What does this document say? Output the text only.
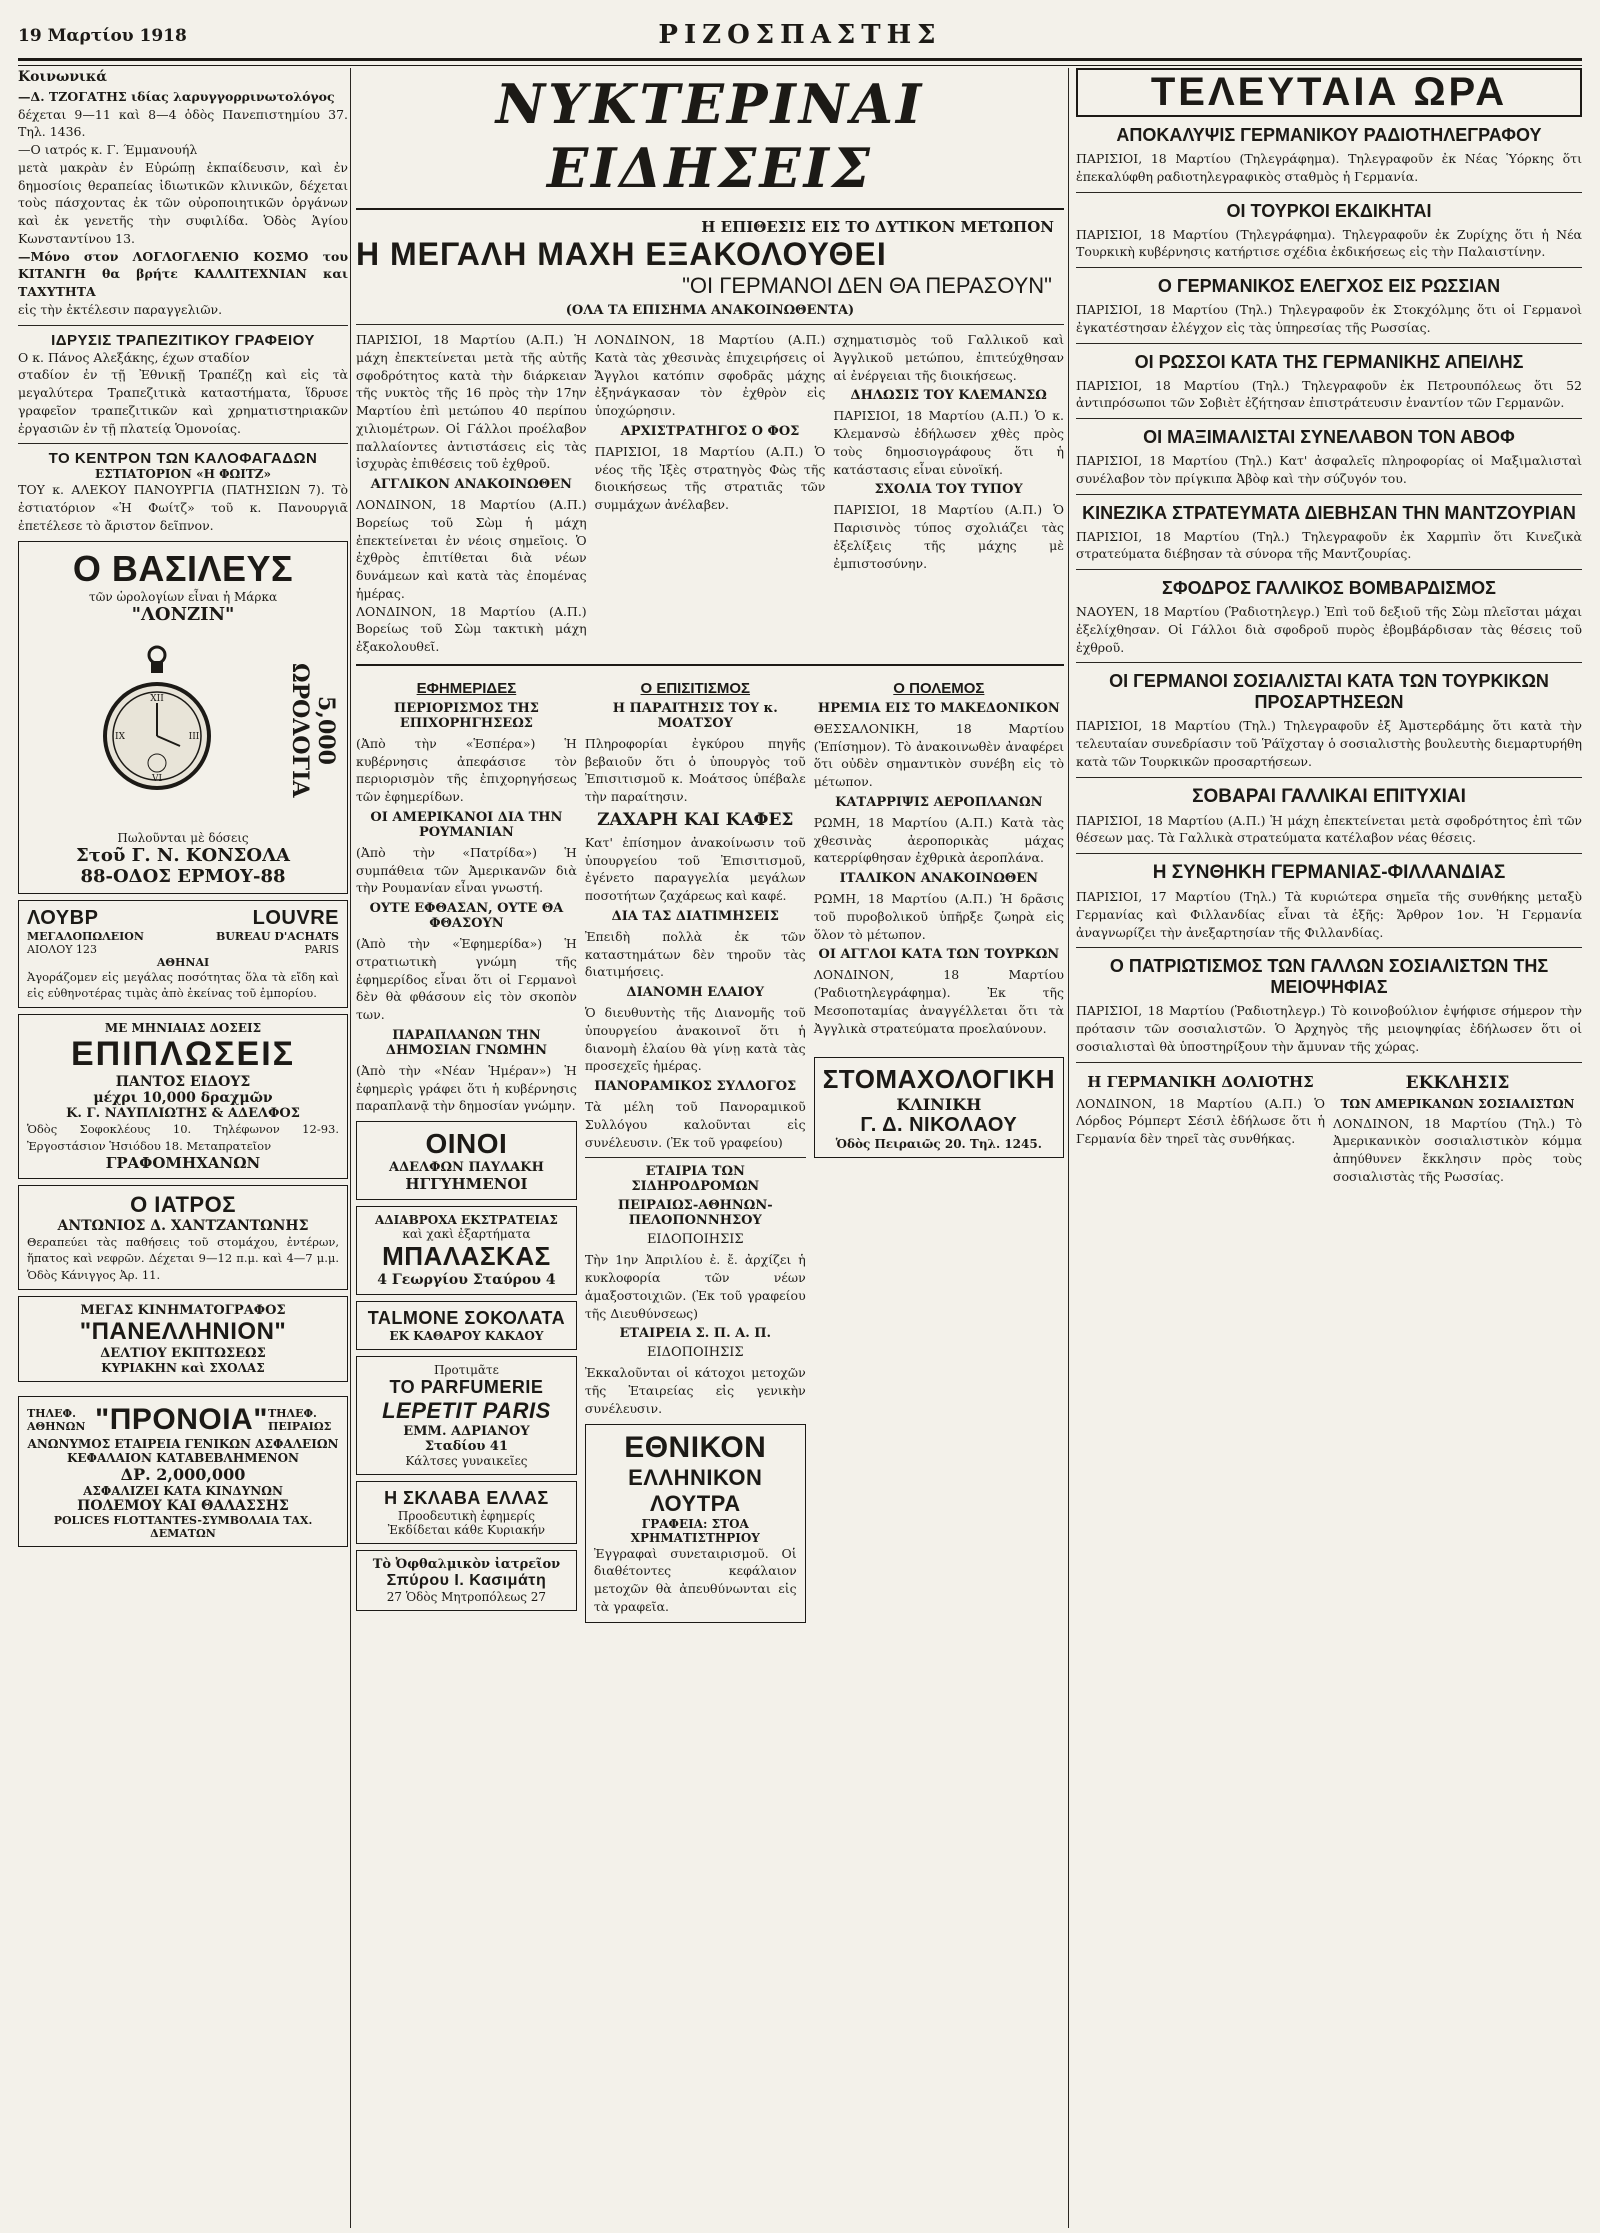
19 Μαρτίου 1918	ΡΙΖΟΣΠΑΣΤΗΣ

Κοινωνικά

—Δ. ΤΖΟΓΑΤΗΣ ιδίας λαρυγγορρινωτολόγος

δέχεται 9—11 καὶ 8—4 ὁδὸς Πανεπιστημίου 37. Τηλ. 1436.

—Ο ιατρός κ. Γ. Έμμανουήλ

μετὰ μακρὰν ἐν Εὐρώπῃ ἐκπαίδευσιν, καὶ ἐν δημοσίοις θεραπείας ἰδιωτικῶν κλινικῶν, δέχεται τοὺς πάσχοντας ἐκ τῶν οὐροποιητικῶν ὀργάνων καὶ ἐκ γενετῆς τὴν συφιλίδα. Ὁδὸς Ἁγίου Κωνσταντίνου 13.

—Μόνο στον ΛΟΓΛΟΓΛΕΝΙΟ ΚΟΣΜΟ του ΚΙΤΑΝΓΗ θα βρήτε ΚΑΛΛΙΤΕΧΝΙΑΝ και ΤΑΧΥΤΗΤΑ

εἰς τὴν ἐκτέλεσιν παραγγελιῶν.

ΙΔΡΥΣΙΣ ΤΡΑΠΕΖΙΤΙΚΟΥ ΓΡΑΦΕΙΟΥ

Ο κ. Πάνος Αλεξάκης, έχων σταδίον

σταδίον ἐν τῇ Ἐθνικῇ Τραπέζῃ καὶ εἰς τὰ μεγαλύτερα Τραπεζιτικὰ καταστήματα, ἵδρυσε γραφεῖον τραπεζιτικῶν καὶ χρηματιστηριακῶν ἐργασιῶν ἐν τῇ πλατείᾳ Ὁμονοίας.

ΤΟ ΚΕΝΤΡΟΝ ΤΩΝ ΚΑΛΟΦΑΓΑΔΩΝ

ΕΣΤΙΑΤΟΡΙΟΝ «Η ΦΩΙΤΖ»

ΤΟΥ κ. ΑΛΕΚΟΥ ΠΑΝΟΥΡΓΙΑ (ΠΑΤΗΣΙΩΝ 7). Τὸ ἐστιατόριον «Ἡ Φωίτζ» τοῦ κ. Πανουργιᾶ ἐπετέλεσε τὸ ἄριστον δεῖπνον.

Ο ΒΑΣΙΛΕΥΣ

τῶν ὡρολογίων εἶναι ἡ Μάρκα

"ΛΟΝΖΙΝ"

XII
III
VI
IX	5,000 ΩΡΟΛΟΓΙΑ

Πωλοῦνται μὲ δόσεις

Στοῦ Γ. Ν. ΚΟΝΣΟΛΑ

88-ΟΔΟΣ ΕΡΜΟΥ-88

ΛΟΥΒΡ	LOUVRE
ΜΕΓΑΛΟΠΩΛΕΙΟΝ	BUREAU D'ACHATS
ΑΙΟΛΟΥ 123	PARIS

ΑΘΗΝΑΙ

Ἀγοράζομεν εἰς μεγάλας ποσότητας ὅλα τὰ εἴδη καὶ εἰς εὐθηνοτέρας τιμὰς ἀπὸ ἐκείνας τοῦ ἐμπορίου.

ΜΕ ΜΗΝΙΑΙΑΣ ΔΟΣΕΙΣ

ΕΠΙΠΛΩΣΕΙΣ

ΠΑΝΤΟΣ ΕΙΔΟΥΣ

μέχρι 10,000 δραχμῶν

Κ. Γ. ΝΑΥΠΛΙΩΤΗΣ & ΑΔΕΛΦΟΣ

Ὁδὸς Σοφοκλέους 10. Τηλέφωνον 12-93. Ἐργοστάσιον Ἡσιόδου 18. Μεταπρατεῖον

ΓΡΑΦΟΜΗΧΑΝΩΝ

Ο ΙΑΤΡΟΣ

ΑΝΤΩΝΙΟΣ Δ. ΧΑΝΤΖΑΝΤΩΝΗΣ

Θεραπεύει τὰς παθήσεις τοῦ στομάχου, ἐντέρων, ἥπατος καὶ νεφρῶν. Δέχεται 9—12 π.μ. καὶ 4—7 μ.μ. Ὁδὸς Κάνιγγος Ἀρ. 11.

ΜΕΓΑΣ ΚΙΝΗΜΑΤΟΓΡΑΦΟΣ

"ΠΑΝΕΛΛΗΝΙΟΝ"

ΔΕΛΤΙΟΥ ΕΚΠΤΩΣΕΩΣ

ΚΥΡΙΑΚΗΝ καὶ ΣΧΟΛΑΣ

ΤΗΛΕΦ. ΑΘΗΝΩΝ "ΠΡΟΝΟΙΑ" ΤΗΛΕΦ. ΠΕΙΡΑΙΩΣ

ΑΝΩΝΥΜΟΣ ΕΤΑΙΡΕΙΑ ΓΕΝΙΚΩΝ ΑΣΦΑΛΕΙΩΝ

ΚΕΦΑΛΑΙΟΝ ΚΑΤΑΒΕΒΛΗΜΕΝΟΝ

ΔΡ. 2,000,000

ΑΣΦΑΛΙΖΕΙ ΚΑΤΑ ΚΙΝΔΥΝΩΝ

ΠΟΛΕΜΟΥ ΚΑΙ ΘΑΛΑΣΣΗΣ

POLICES FLOTTANTES-ΣΥΜΒΟΛΑΙΑ ΤΑΧ. ΔΕΜΑΤΩΝ

ΝΥΚΤΕΡΙΝΑΙ ΕΙΔΗΣΕΙΣ

Η ΕΠΙΘΕΣΙΣ ΕΙΣ ΤΟ ΔΥΤΙΚΟΝ ΜΕΤΩΠΟΝ

Η ΜΕΓΑΛΗ ΜΑΧΗ ΕΞΑΚΟΛΟΥΘΕΙ

"ΟΙ ΓΕΡΜΑΝΟΙ ΔΕΝ ΘΑ ΠΕΡΑΣΟΥΝ"

(ΟΛΑ ΤΑ ΕΠΙΣΗΜΑ ΑΝΑΚΟΙΝΩΘΕΝΤΑ)

ΠΑΡΙΣΙΟΙ, 18 Μαρτίου (Α.Π.) Ἡ μάχη ἐπεκτείνεται μετὰ τῆς αὐτῆς σφοδρότητος κατὰ τὴν διάρκειαν τῆς νυκτὸς τῆς 16 πρὸς τὴν 17ην Μαρτίου ἐπὶ μετώπου 40 περίπου χιλιομέτρων. Οἱ Γάλλοι προέλαβον παλλαίοντες ἀντιστάσεις εἰς τὰς ἰσχυρὰς ἐπιθέσεις τοῦ ἐχθροῦ.

ΑΓΓΛΙΚΟΝ ΑΝΑΚΟΙΝΩΘΕΝ

ΛΟΝΔΙΝΟΝ, 18 Μαρτίου (Α.Π.) Βορείως τοῦ Σὼμ ἡ μάχη ἐπεκτείνεται ἐν νέοις σημεῖοις. Ὁ ἐχθρὸς ἐπιτίθεται διὰ νέων δυνάμεων καὶ κατὰ τὰς ἐπομένας ἡμέρας.

ΛΟΝΔΙΝΟΝ, 18 Μαρτίου (Α.Π.) Βορείως τοῦ Σὼμ τακτικὴ μάχη ἐξακολουθεῖ.

ΛΟΝΔΙΝΟΝ, 18 Μαρτίου (Α.Π.) Κατὰ τὰς χθεσινὰς ἐπιχειρήσεις οἱ Ἄγγλοι κατόπιν σφοδρᾶς μάχης ἐξηνάγκασαν τὸν ἐχθρὸν εἰς ὑποχώρησιν.

ΑΡΧΙΣΤΡΑΤΗΓΟΣ Ο ΦΟΣ

ΠΑΡΙΣΙΟΙ, 18 Μαρτίου (Α.Π.) Ὁ νέος τῆς Ἰξὲς στρατηγὸς Φὼς τῆς διοικήσεως τῆς στρατιᾶς τῶν συμμάχων ἀνέλαβεν.

σχηματισμὸς τοῦ Γαλλικοῦ καὶ Ἀγγλικοῦ μετώπου, ἐπιτεύχθησαν αἱ ἐνέργειαι τῆς διοικήσεως.

ΔΗΛΩΣΙΣ ΤΟΥ ΚΛΕΜΑΝΣΩ

ΠΑΡΙΣΙΟΙ, 18 Μαρτίου (Α.Π.) Ὁ κ. Κλεμανσὼ ἐδήλωσεν χθὲς πρὸς τοὺς δημοσιογράφους ὅτι ἡ κατάστασις εἶναι εὐνοϊκή.

ΣΧΟΛΙΑ ΤΟΥ ΤΥΠΟΥ

ΠΑΡΙΣΙΟΙ, 18 Μαρτίου (Α.Π.) Ὁ Παρισινὸς τύπος σχολιάζει τὰς ἐξελίξεις τῆς μάχης μὲ ἐμπιστοσύνην.

ΕΦΗΜΕΡΙΔΕΣ

ΠΕΡΙΟΡΙΣΜΟΣ ΤΗΣ ΕΠΙΧΟΡΗΓΗΣΕΩΣ

(Ἀπὸ τὴν «Ἑσπέρα») Ἡ κυβέρνησις ἀπεφάσισε τὸν περιορισμὸν τῆς ἐπιχορηγήσεως τῶν ἐφημερίδων.

ΟΙ ΑΜΕΡΙΚΑΝΟΙ ΔΙΑ ΤΗΝ ΡΟΥΜΑΝΙΑΝ

(Ἀπὸ τὴν «Πατρίδα») Ἡ συμπάθεια τῶν Ἀμερικανῶν διὰ τὴν Ρουμανίαν εἶναι γνωστή.

ΟΥΤΕ ΕΦΘΑΣΑΝ, ΟΥΤΕ ΘΑ ΦΘΑΣΟΥΝ

(Ἀπὸ τὴν «Ἐφημερίδα») Ἡ στρατιωτικὴ γνώμη τῆς ἐφημερίδος εἶναι ὅτι οἱ Γερμανοὶ δὲν θὰ φθάσουν εἰς τὸν σκοπὸν των.

ΠΑΡΑΠΛΑΝΩΝ ΤΗΝ ΔΗΜΟΣΙΑΝ ΓΝΩΜΗΝ

(Ἀπὸ τὴν «Νέαν Ἡμέραν») Ἡ ἐφημερὶς γράφει ὅτι ἡ κυβέρνησις παραπλανᾷ τὴν δημοσίαν γνώμην.

ΟΙΝΟΙ

ΑΔΕΛΦΩΝ ΠΑΥΛΑΚΗ

ΗΓΓΥΗΜΕΝΟΙ

ΑΔΙΑΒΡΟΧΑ ΕΚΣΤΡΑΤΕΙΑΣ

καὶ χακὶ ἐξαρτήματα

ΜΠΑΛΑΣΚΑΣ

4 Γεωργίου Σταύρου 4

TALMONE ΣΟΚΟΛΑΤΑ

ΕΚ ΚΑΘΑΡΟΥ ΚΑΚΑΟΥ

Προτιμᾶτε

ΤΟ PARFUMERIE

LEPETIT PARIS

ΕΜΜ. ΑΔΡΙΑΝΟΥ

Σταδίου 41

Κάλτσες γυναικεῖες

Η ΣΚΛΑΒΑ ΕΛΛΑΣ

Προοδευτικὴ ἐφημερίς

Ἐκδίδεται κάθε Κυριακήν

Τὸ Ὀφθαλμικὸν ἰατρεῖον

Σπύρου Ι. Κασιμάτη

27 Ὁδὸς Μητροπόλεως 27

Ο ΕΠΙΣΙΤΙΣΜΟΣ

Η ΠΑΡΑΙΤΗΣΙΣ ΤΟΥ κ. ΜΟΑΤΣΟΥ

Πληροφορίαι ἐγκύρου πηγῆς βεβαιοῦν ὅτι ὁ ὑπουργὸς τοῦ Ἐπισιτισμοῦ κ. Μοάτσος ὑπέβαλε τὴν παραίτησιν.

ΖΑΧΑΡΗ ΚΑΙ ΚΑΦΕΣ

Κατ' ἐπίσημον ἀνακοίνωσιν τοῦ ὑπουργείου τοῦ Ἐπισιτισμοῦ, ἐγένετο παραγγελία μεγάλων ποσοτήτων ζαχάρεως καὶ καφέ.

ΔΙΑ ΤΑΣ ΔΙΑΤΙΜΗΣΕΙΣ

Ἐπειδὴ πολλὰ ἐκ τῶν καταστημάτων δὲν τηροῦν τὰς διατιμήσεις.

ΔΙΑΝΟΜΗ ΕΛΑΙΟΥ

Ὁ διευθυντὴς τῆς Διανομῆς τοῦ ὑπουργείου ἀνακοινοῖ ὅτι ἡ διανομὴ ἐλαίου θὰ γίνῃ κατὰ τὰς προσεχεῖς ἡμέρας.

ΠΑΝΟΡΑΜΙΚΟΣ ΣΥΛΛΟΓΟΣ

Τὰ μέλη τοῦ Πανοραμικοῦ Συλλόγου καλοῦνται εἰς συνέλευσιν. (Ἐκ τοῦ γραφείου)

ΕΤΑΙΡΙΑ ΤΩΝ ΣΙΔΗΡΟΔΡΟΜΩΝ

ΠΕΙΡΑΙΩΣ-ΑΘΗΝΩΝ-ΠΕΛΟΠΟΝΝΗΣΟΥ

ΕΙΔΟΠΟΙΗΣΙΣ

Τὴν 1ην Ἀπριλίου ἐ. ἔ. ἀρχίζει ἡ κυκλοφορία τῶν νέων ἁμαξοστοιχιῶν. (Ἐκ τοῦ γραφείου τῆς Διευθύνσεως)

ΕΤΑΙΡΕΙΑ Σ. Π. Α. Π.

ΕΙΔΟΠΟΙΗΣΙΣ

Ἐκκαλοῦνται οἱ κάτοχοι μετοχῶν τῆς Ἑταιρείας εἰς γενικὴν συνέλευσιν.

ΕΘΝΙΚΟΝ

ΕΛΛΗΝΙΚΟΝ ΛΟΥΤΡΑ

ΓΡΑΦΕΙΑ: ΣΤΟΑ ΧΡΗΜΑΤΙΣΤΗΡΙΟΥ

Ἐγγραφαὶ συνεταιρισμοῦ. Οἱ διαθέτοντες κεφάλαιον μετοχῶν θὰ ἀπευθύνωνται εἰς τὰ γραφεῖα.

Ο ΠΟΛΕΜΟΣ

ΗΡΕΜΙΑ ΕΙΣ ΤΟ ΜΑΚΕΔΟΝΙΚΟΝ

ΘΕΣΣΑΛΟΝΙΚΗ, 18 Μαρτίου (Ἐπίσημον). Τὸ ἀνακοινωθὲν ἀναφέρει ὅτι οὐδὲν σημαντικὸν συνέβη εἰς τὸ μέτωπον.

ΚΑΤΑΡΡΙΨΙΣ ΑΕΡΟΠΛΑΝΩΝ

ΡΩΜΗ, 18 Μαρτίου (Α.Π.) Κατὰ τὰς χθεσινὰς ἀεροπορικὰς μάχας κατερρίφθησαν ἐχθρικὰ ἀεροπλάνα.

ΙΤΑΛΙΚΟΝ ΑΝΑΚΟΙΝΩΘΕΝ

ΡΩΜΗ, 18 Μαρτίου (Α.Π.) Ἡ δρᾶσις τοῦ πυροβολικοῦ ὑπῆρξε ζωηρὰ εἰς ὅλον τὸ μέτωπον.

ΟΙ ΑΓΓΛΟΙ ΚΑΤΑ ΤΩΝ ΤΟΥΡΚΩΝ

ΛΟΝΔΙΝΟΝ, 18 Μαρτίου (Ῥαδιοτηλεγράφημα). Ἐκ τῆς Μεσοποταμίας ἀναγγέλλεται ὅτι τὰ Ἀγγλικὰ στρατεύματα προελαύνουν.

ΣΤΟΜΑΧΟΛΟΓΙΚΗ

ΚΛΙΝΙΚΗ

Γ. Δ. ΝΙΚΟΛΑΟΥ

Ὁδὸς Πειραιῶς 20. Τηλ. 1245.

ΤΕΛΕΥΤΑΙΑ ΩΡΑ

ΑΠΟΚΑΛΥΨΙΣ ΓΕΡΜΑΝΙΚΟΥ ΡΑΔΙΟΤΗΛΕΓΡΑΦΟΥ

ΠΑΡΙΣΙΟΙ, 18 Μαρτίου (Τηλεγράφημα). Τηλεγραφοῦν ἐκ Νέας Ὑόρκης ὅτι ἐπεκαλύφθη ραδιοτηλεγραφικὸς σταθμὸς ἡ Γερμανία.

ΟΙ ΤΟΥΡΚΟΙ ΕΚΔΙΚΗΤΑΙ

ΠΑΡΙΣΙΟΙ, 18 Μαρτίου (Τηλεγράφημα). Τηλεγραφοῦν ἐκ Ζυρίχης ὅτι ἡ Νέα Τουρκικὴ κυβέρνησις κατήρτισε σχέδια ἐκδικήσεως εἰς τὴν Παλαιστίνην.

Ο ΓΕΡΜΑΝΙΚΟΣ ΕΛΕΓΧΟΣ ΕΙΣ ΡΩΣΣΙΑΝ

ΠΑΡΙΣΙΟΙ, 18 Μαρτίου (Τηλ.) Τηλεγραφοῦν ἐκ Στοκχόλμης ὅτι οἱ Γερμανοὶ ἐγκατέστησαν ἐλέγχον εἰς τὰς ὑπηρεσίας τῆς Ρωσσίας.

ΟΙ ΡΩΣΣΟΙ ΚΑΤΑ ΤΗΣ ΓΕΡΜΑΝΙΚΗΣ ΑΠΕΙΛΗΣ

ΠΑΡΙΣΙΟΙ, 18 Μαρτίου (Τηλ.) Τηλεγραφοῦν ἐκ Πετρουπόλεως ὅτι 52 ἀντιπρόσωποι τῶν Σοβιὲτ ἐζήτησαν ἐπιστράτευσιν ἐναντίον τῶν Γερμανῶν.

ΟΙ ΜΑΞΙΜΑΛΙΣΤΑΙ ΣΥΝΕΛΑΒΟΝ ΤΟΝ ΑΒΟΦ

ΠΑΡΙΣΙΟΙ, 18 Μαρτίου (Τηλ.) Κατ' ἀσφαλεῖς πληροφορίας οἱ Μαξιμαλισταὶ συνέλαβον τὸν πρίγκιπα Ἀβὸφ καὶ τὴν σύζυγόν του.

ΚΙΝΕΖΙΚΑ ΣΤΡΑΤΕΥΜΑΤΑ ΔΙΕΒΗΣΑΝ ΤΗΝ ΜΑΝΤΖΟΥΡΙΑΝ

ΠΑΡΙΣΙΟΙ, 18 Μαρτίου (Τηλ.) Τηλεγραφοῦν ἐκ Χαρμπὶν ὅτι Κινεζικὰ στρατεύματα διέβησαν τὰ σύνορα τῆς Μαντζουρίας.

ΣΦΟΔΡΟΣ ΓΑΛΛΙΚΟΣ ΒΟΜΒΑΡΔΙΣΜΟΣ

ΝΑΟΥΕΝ, 18 Μαρτίου (Ῥαδιοτηλεγρ.) Ἐπὶ τοῦ δεξιοῦ τῆς Σὼμ πλεῖσται μάχαι ἐξελίχθησαν. Οἱ Γάλλοι διὰ σφοδροῦ πυρὸς ἐβομβάρδισαν τὰς θέσεις τοῦ ἐχθροῦ.

ΟΙ ΓΕΡΜΑΝΟΙ ΣΟΣΙΑΛΙΣΤΑΙ ΚΑΤΑ ΤΩΝ ΤΟΥΡΚΙΚΩΝ ΠΡΟΣΑΡΤΗΣΕΩΝ

ΠΑΡΙΣΙΟΙ, 18 Μαρτίου (Τηλ.) Τηλεγραφοῦν ἐξ Ἀμστερδάμης ὅτι κατὰ τὴν τελευταίαν συνεδρίασιν τοῦ Ῥάϊχσταγ ὁ σοσιαλιστὴς βουλευτὴς διεμαρτυρήθη κατὰ τῶν Τουρκικῶν προσαρτήσεων.

ΣΟΒΑΡΑΙ ΓΑΛΛΙΚΑΙ ΕΠΙΤΥΧΙΑΙ

ΠΑΡΙΣΙΟΙ, 18 Μαρτίου (Α.Π.) Ἡ μάχη ἐπεκτείνεται μετὰ σφοδρότητος ἐπὶ τῶν θέσεων μας. Τὰ Γαλλικὰ στρατεύματα κατέλαβον νέας θέσεις.

Η ΣΥΝΘΗΚΗ ΓΕΡΜΑΝΙΑΣ-ΦΙΛΛΑΝΔΙΑΣ

ΠΑΡΙΣΙΟΙ, 17 Μαρτίου (Τηλ.) Τὰ κυριώτερα σημεῖα τῆς συνθήκης μεταξὺ Γερμανίας καὶ Φιλλανδίας εἶναι τὰ ἑξῆς: Ἄρθρον 1ον. Ἡ Γερμανία ἀναγνωρίζει τὴν ἀνεξαρτησίαν τῆς Φιλλανδίας.

Ο ΠΑΤΡΙΩΤΙΣΜΟΣ ΤΩΝ ΓΑΛΛΩΝ ΣΟΣΙΑΛΙΣΤΩΝ ΤΗΣ ΜΕΙΟΨΗΦΙΑΣ

ΠΑΡΙΣΙΟΙ, 18 Μαρτίου (Ῥαδιοτηλεγρ.) Τὸ κοινοβούλιον ἐψήφισε σήμερον τὴν πρότασιν τῶν σοσιαλιστῶν. Ὁ Ἀρχηγὸς τῆς μειοψηφίας ἐδήλωσεν ὅτι οἱ σοσιαλισταὶ θὰ ὑποστηρίξουν τὴν ἄμυναν τῆς χώρας.

Η ΓΕΡΜΑΝΙΚΗ ΔΟΛΙΟΤΗΣ

ΛΟΝΔΙΝΟΝ, 18 Μαρτίου (Α.Π.) Ὁ Λόρδος Ρόμπερτ Σέσιλ ἐδήλωσε ὅτι ἡ Γερμανία δὲν τηρεῖ τὰς συνθήκας.

ΕΚΚΛΗΣΙΣ

ΤΩΝ ΑΜΕΡΙΚΑΝΩΝ ΣΟΣΙΑΛΙΣΤΩΝ

ΛΟΝΔΙΝΟΝ, 18 Μαρτίου (Τηλ.) Τὸ Ἀμερικανικὸν σοσιαλιστικὸν κόμμα ἀπηύθυνεν ἔκκλησιν πρὸς τοὺς σοσιαλιστὰς τῆς Ρωσσίας.
